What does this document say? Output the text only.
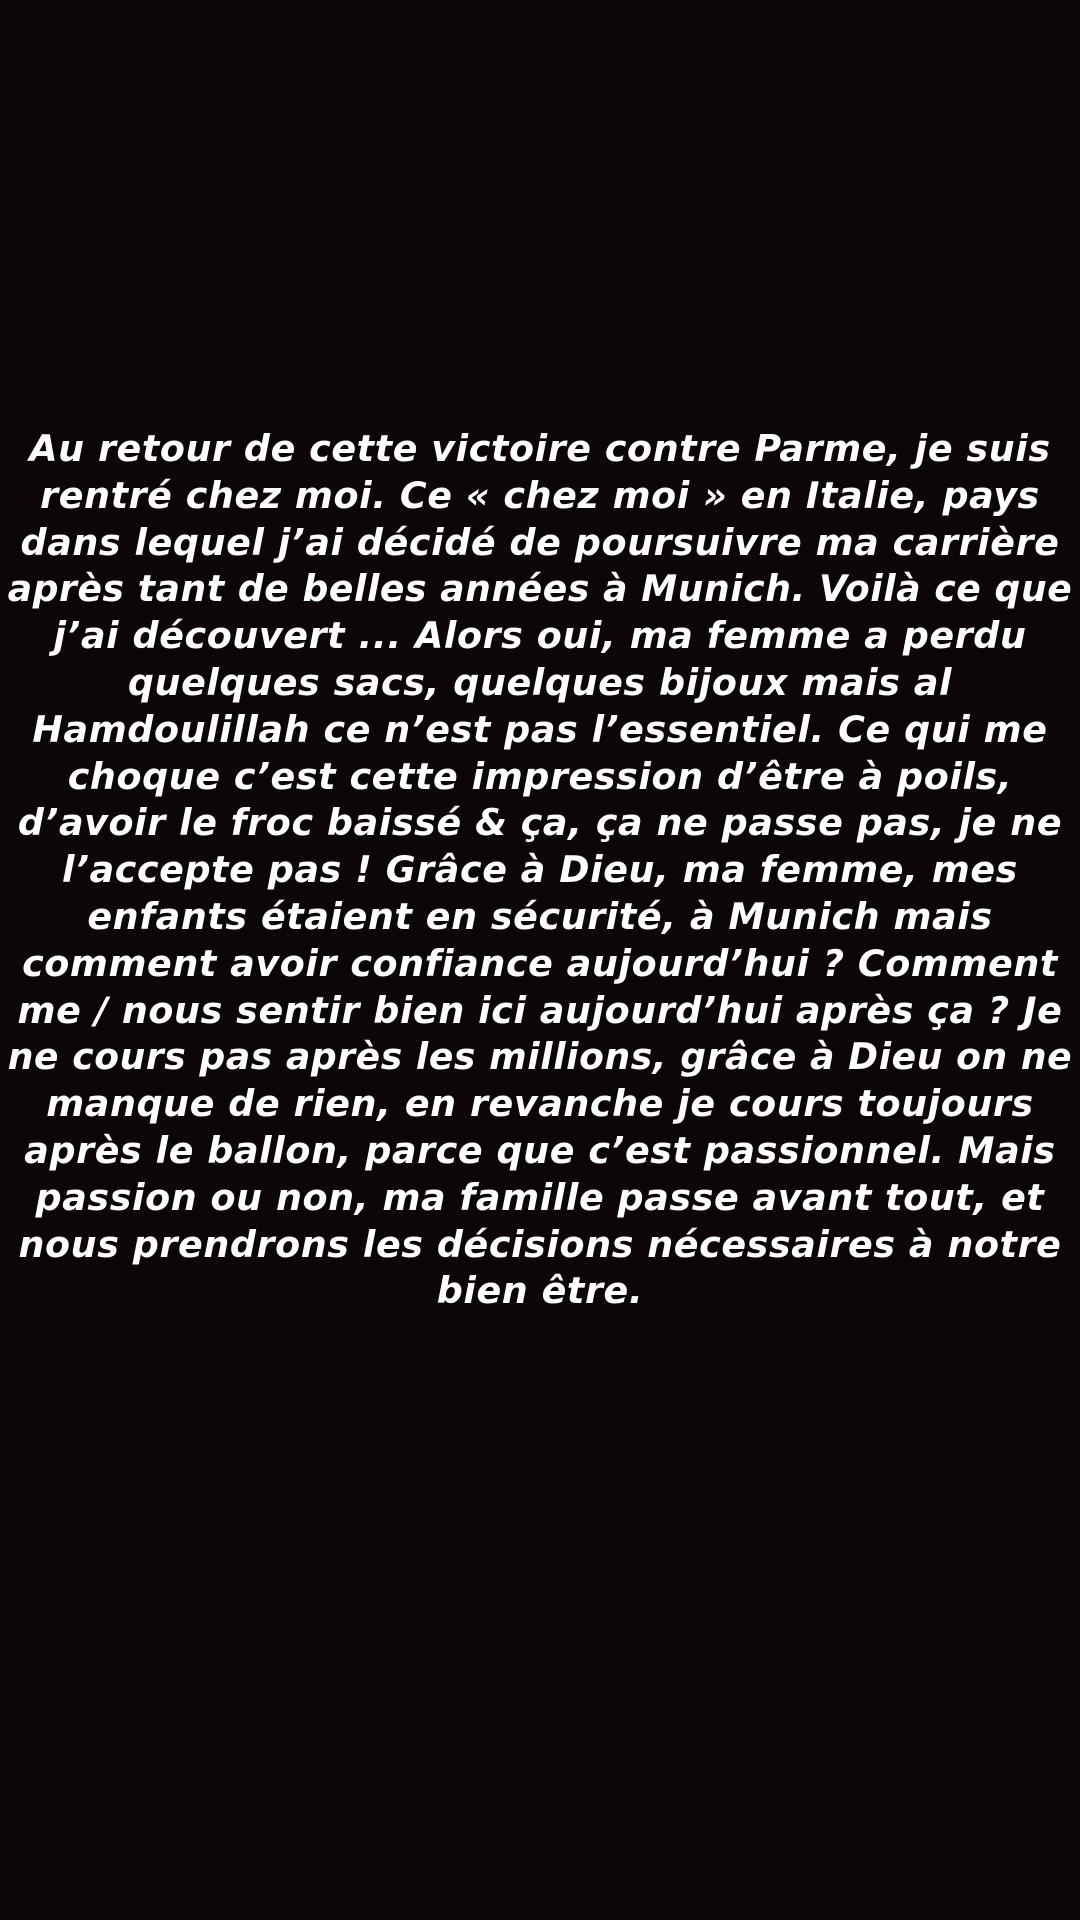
Au retour de cette victoire contre Parme, je suis
rentré chez moi. Ce « chez moi » en Italie, pays
dans lequel j’ai décidé de poursuivre ma carrière
après tant de belles années à Munich. Voilà ce que
j’ai découvert ... Alors oui, ma femme a perdu
quelques sacs, quelques bijoux mais al
Hamdoulillah ce n’est pas l’essentiel. Ce qui me
choque c’est cette impression d’être à poils,
d’avoir le froc baissé & ça, ça ne passe pas, je ne
l’accepte pas ! Grâce à Dieu, ma femme, mes
enfants étaient en sécurité, à Munich mais
comment avoir confiance aujourd’hui ? Comment
me / nous sentir bien ici aujourd’hui après ça ? Je
ne cours pas après les millions, grâce à Dieu on ne
manque de rien, en revanche je cours toujours
après le ballon, parce que c’est passionnel. Mais
passion ou non, ma famille passe avant tout, et
nous prendrons les décisions nécessaires à notre
bien être.
